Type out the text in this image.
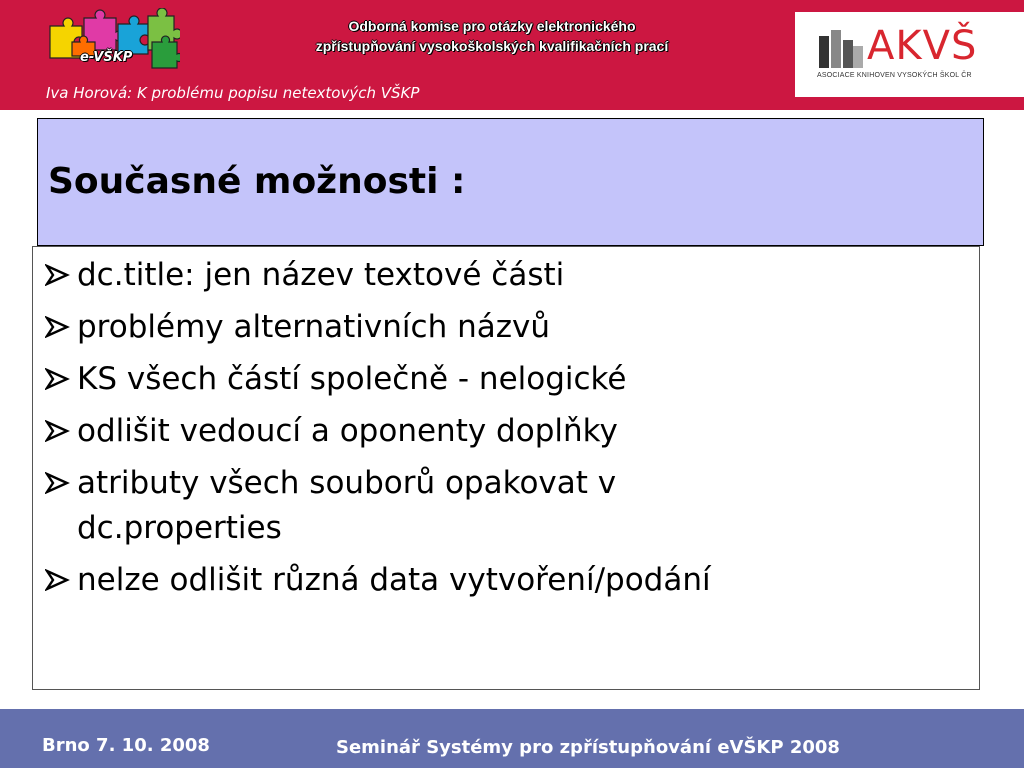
e-VŠKP
Odborná komise pro otázky elektronického
zpřístupňování vysokoškolských kvalifikačních prací
Iva Horová: K problému popisu netextových VŠKP
AKVŠ
ASOCIACE KNIHOVEN VYSOKÝCH ŠKOL ČR
Současné možnosti :
dc.title: jen název textové části
problémy alternativních názvů
KS všech částí společně - nelogické
odlišit vedoucí a oponenty doplňky
atributy všech souborů opakovat v dc.properties
nelze odlišit různá data vytvoření/podání
Brno 7. 10. 2008	Seminář Systémy pro zpřístupňování eVŠKP 2008
